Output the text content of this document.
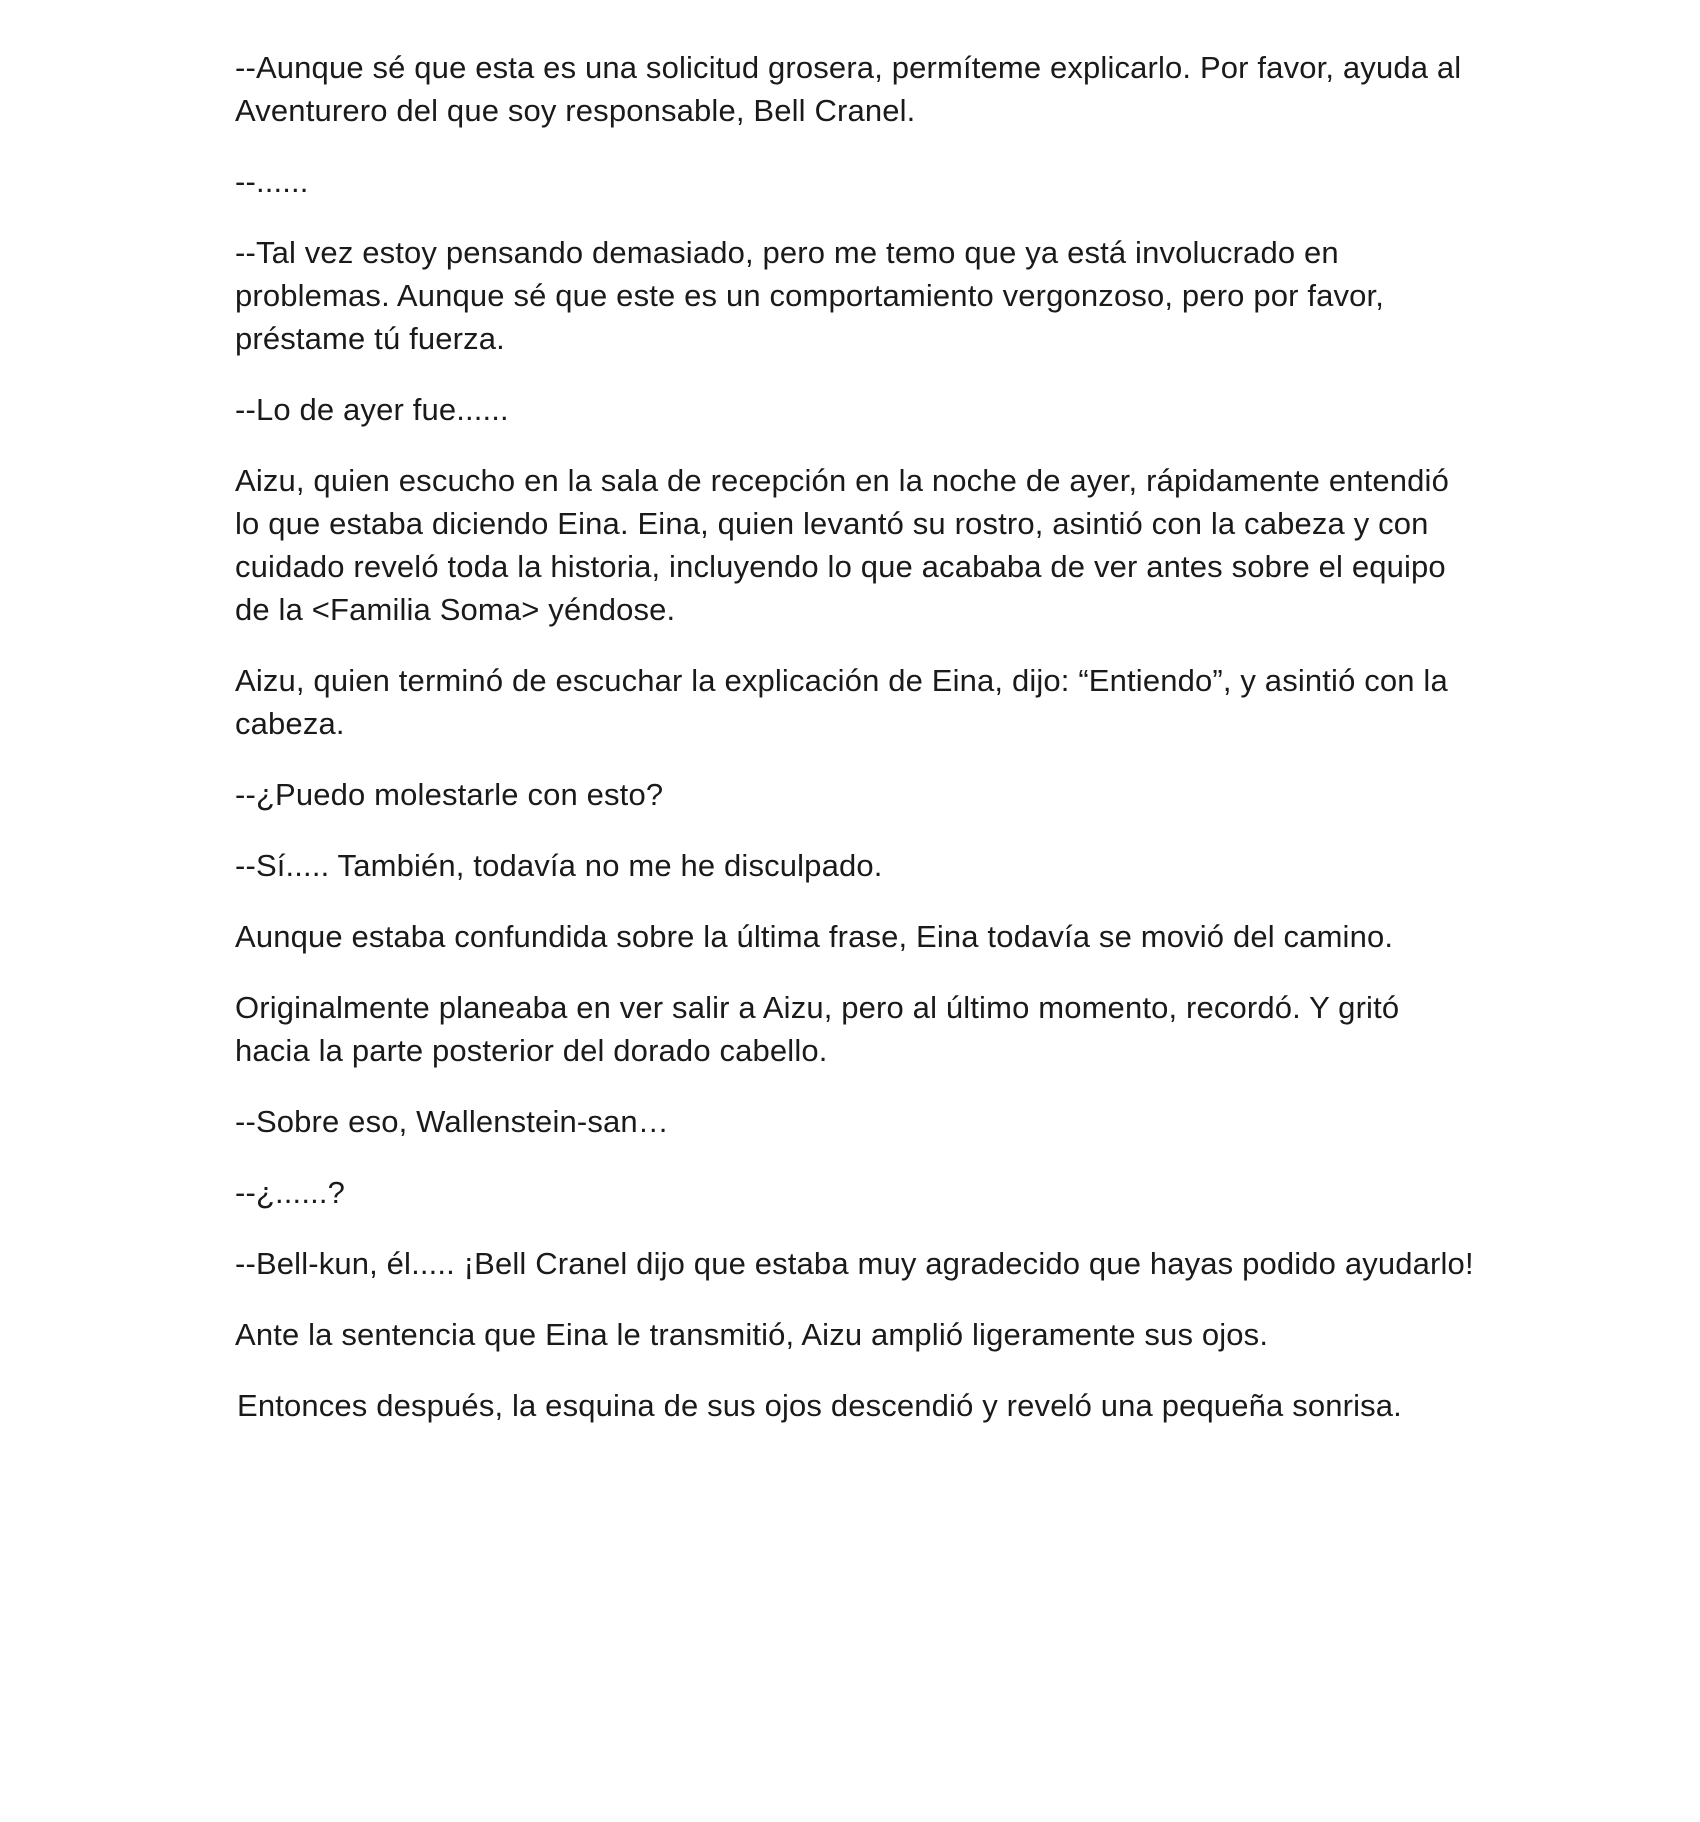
--Aunque sé que esta es una solicitud grosera, permíteme explicarlo. Por favor, ayuda al Aventurero del que soy responsable, Bell Cranel.

--......

--Tal vez estoy pensando demasiado, pero me temo que ya está involucrado en problemas. Aunque sé que este es un comportamiento vergonzoso, pero por favor, préstame tú fuerza.

--Lo de ayer fue......

Aizu, quien escucho en la sala de recepción en la noche de ayer, rápidamente entendió lo que estaba diciendo Eina. Eina, quien levantó su rostro, asintió con la cabeza y con cuidado reveló toda la historia, incluyendo lo que acababa de ver antes sobre el equipo de la <Familia Soma> yéndose.

Aizu, quien terminó de escuchar la explicación de Eina, dijo: “Entiendo”, y asintió con la cabeza.

--¿Puedo molestarle con esto?

--Sí..... También, todavía no me he disculpado.

Aunque estaba confundida sobre la última frase, Eina todavía se movió del camino.

Originalmente planeaba en ver salir a Aizu, pero al último momento, recordó. Y gritó hacia la parte posterior del dorado cabello.

--Sobre eso, Wallenstein-san…

--¿......?

--Bell-kun, él..... ¡Bell Cranel dijo que estaba muy agradecido que hayas podido ayudarlo!

Ante la sentencia que Eina le transmitió, Aizu amplió ligeramente sus ojos.

Entonces después, la esquina de sus ojos descendió y reveló una pequeña sonrisa.
